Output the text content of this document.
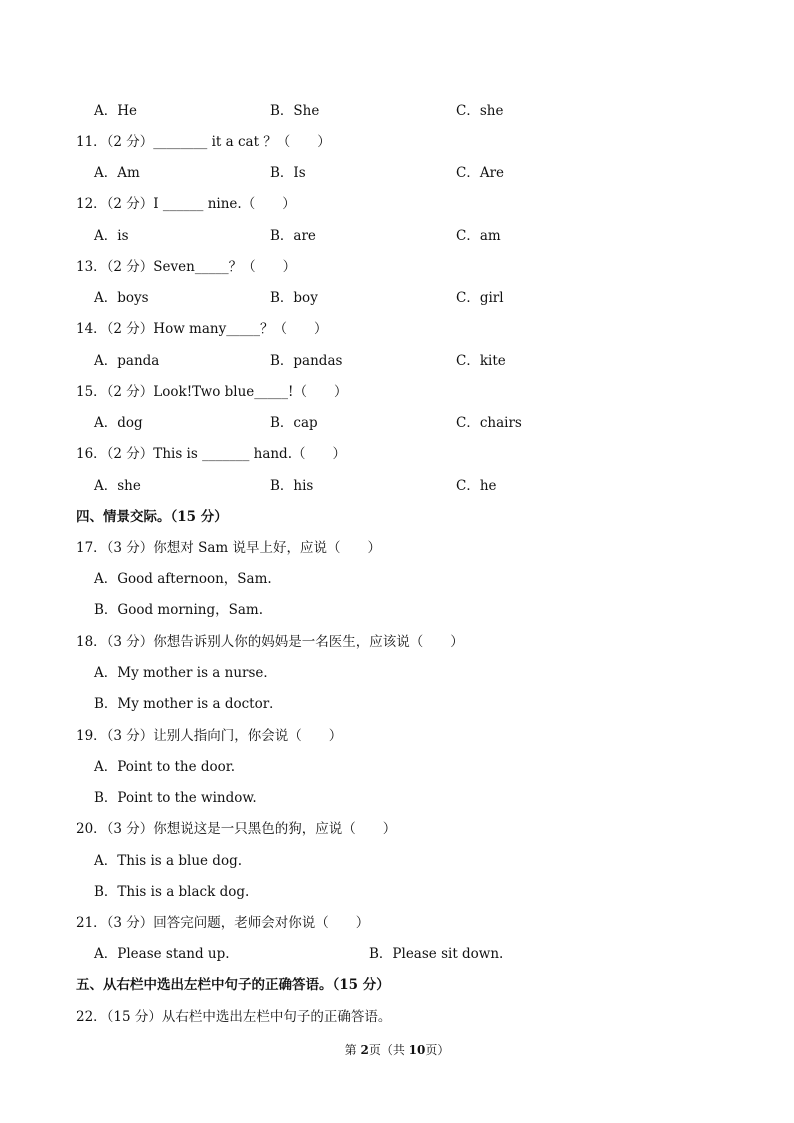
A．He	B．She	C．she
11．（2 分）________ it a cat ？（　　）
A．Am	B．Is	C．Are
12．（2 分）I ______ nine.（　　）
A．is	B．are	C．am
13．（2 分）Seven_____？（　　）
A．boys	B．boy	C．girl
14．（2 分）How many_____？（　　）
A．panda	B．pandas	C．kite
15．（2 分）Look!Two blue_____!（　　）
A．dog	B．cap	C．chairs
16．（2 分）This is _______ hand.（　　）
A．she	B．his	C．he
四、情景交际。（15 分）
17．（3 分）你想对 Sam 说早上好，应说（　　）
A．Good afternoon，Sam.
B．Good morning，Sam.
18．（3 分）你想告诉别人你的妈妈是一名医生，应该说（　　）
A．My mother is a nurse．
B．My mother is a doctor．
19．（3 分）让别人指向门，你会说（　　）
A．Point to the door.
B．Point to the window.
20．（3 分）你想说这是一只黑色的狗，应说（　　）
A．This is a blue dog.
B．This is a black dog.
21．（3 分）回答完问题，老师会对你说（　　）
A．Please stand up.	B．Please sit down.
五、从右栏中选出左栏中句子的正确答语。（15 分）
22．（15 分）从右栏中选出左栏中句子的正确答语。
第 2页（共 10页）
